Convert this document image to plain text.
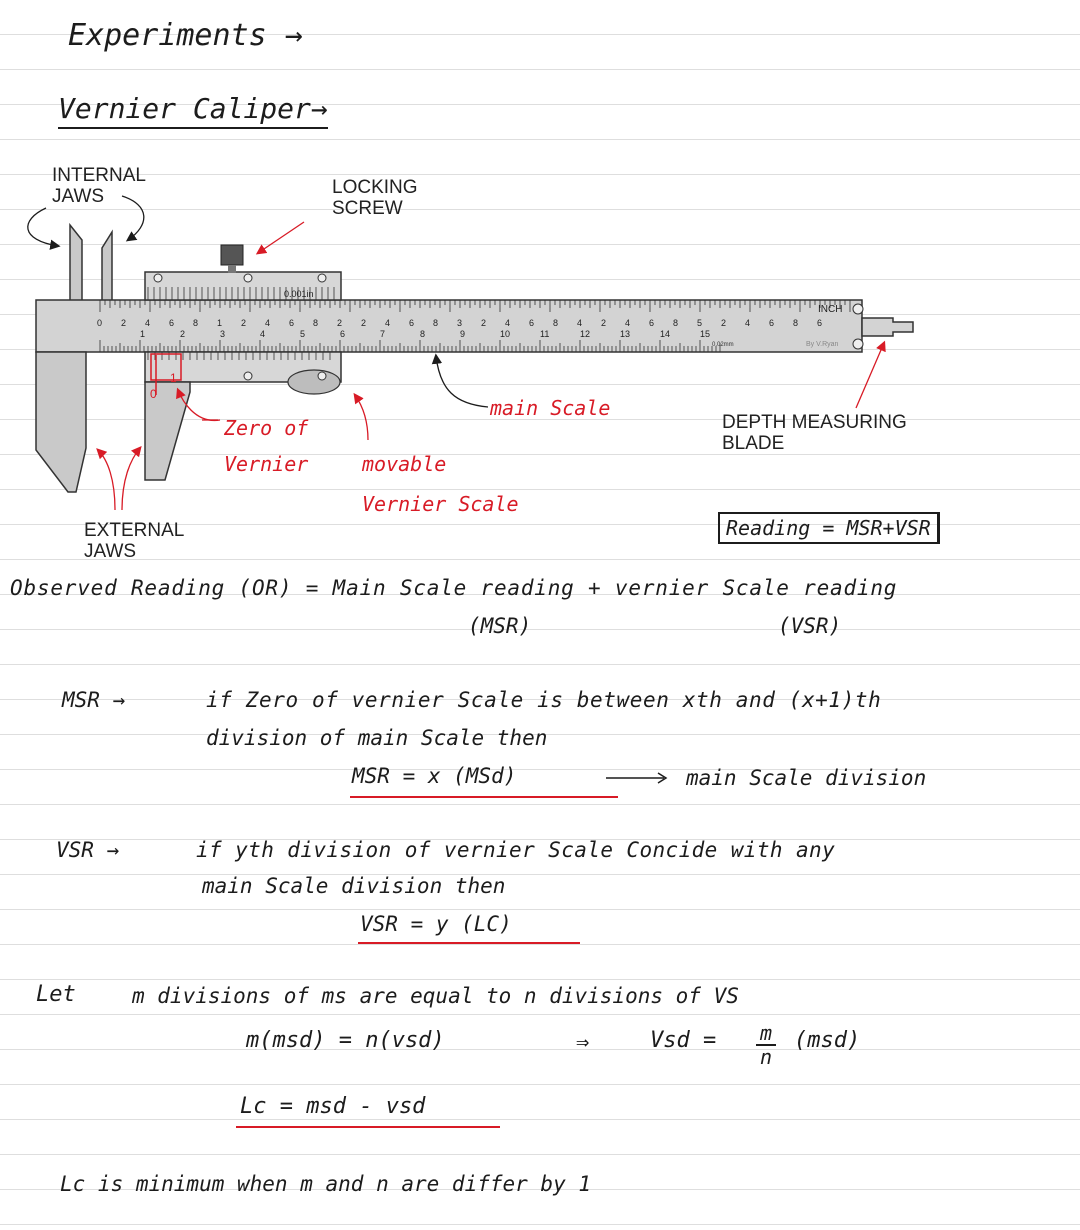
Experiments →
Vernier Caliper→
INTERNAL
JAWS	LOCKING
SCREW
EXTERNAL
JAWS
DEPTH MEASURING
BLADE
0 2 4 6 8 1 2 4 6 8 2 2 4 6 8 3 2 4 6 8 4 2 4 6 8 5 2 4 6 8 6
1	2	3	4	5	6	7	8	9	10	11	12	13	14	15
0.001in
INCH
0.02mm	By V.Ryan
0
1
Zero of
Vernier
main Scale
movable
Vernier Scale
Reading = MSR+VSR
Observed Reading (OR) = Main Scale reading + vernier Scale reading
(MSR)	(VSR)
MSR →	if Zero of vernier Scale is between xth and (x+1)th
division of main Scale then
MSR = x (MSd)	main Scale division
VSR →	if yth division of vernier Scale Concide with any
main Scale division then
VSR = y (LC)
Let	m divisions of ms are equal to n divisions of VS
m(msd) = n(vsd)	⇒	Vsd = $\frac{m}{n} (msd)$
Lc = msd - vsd
Lc is minimum when m and n are differ by 1
